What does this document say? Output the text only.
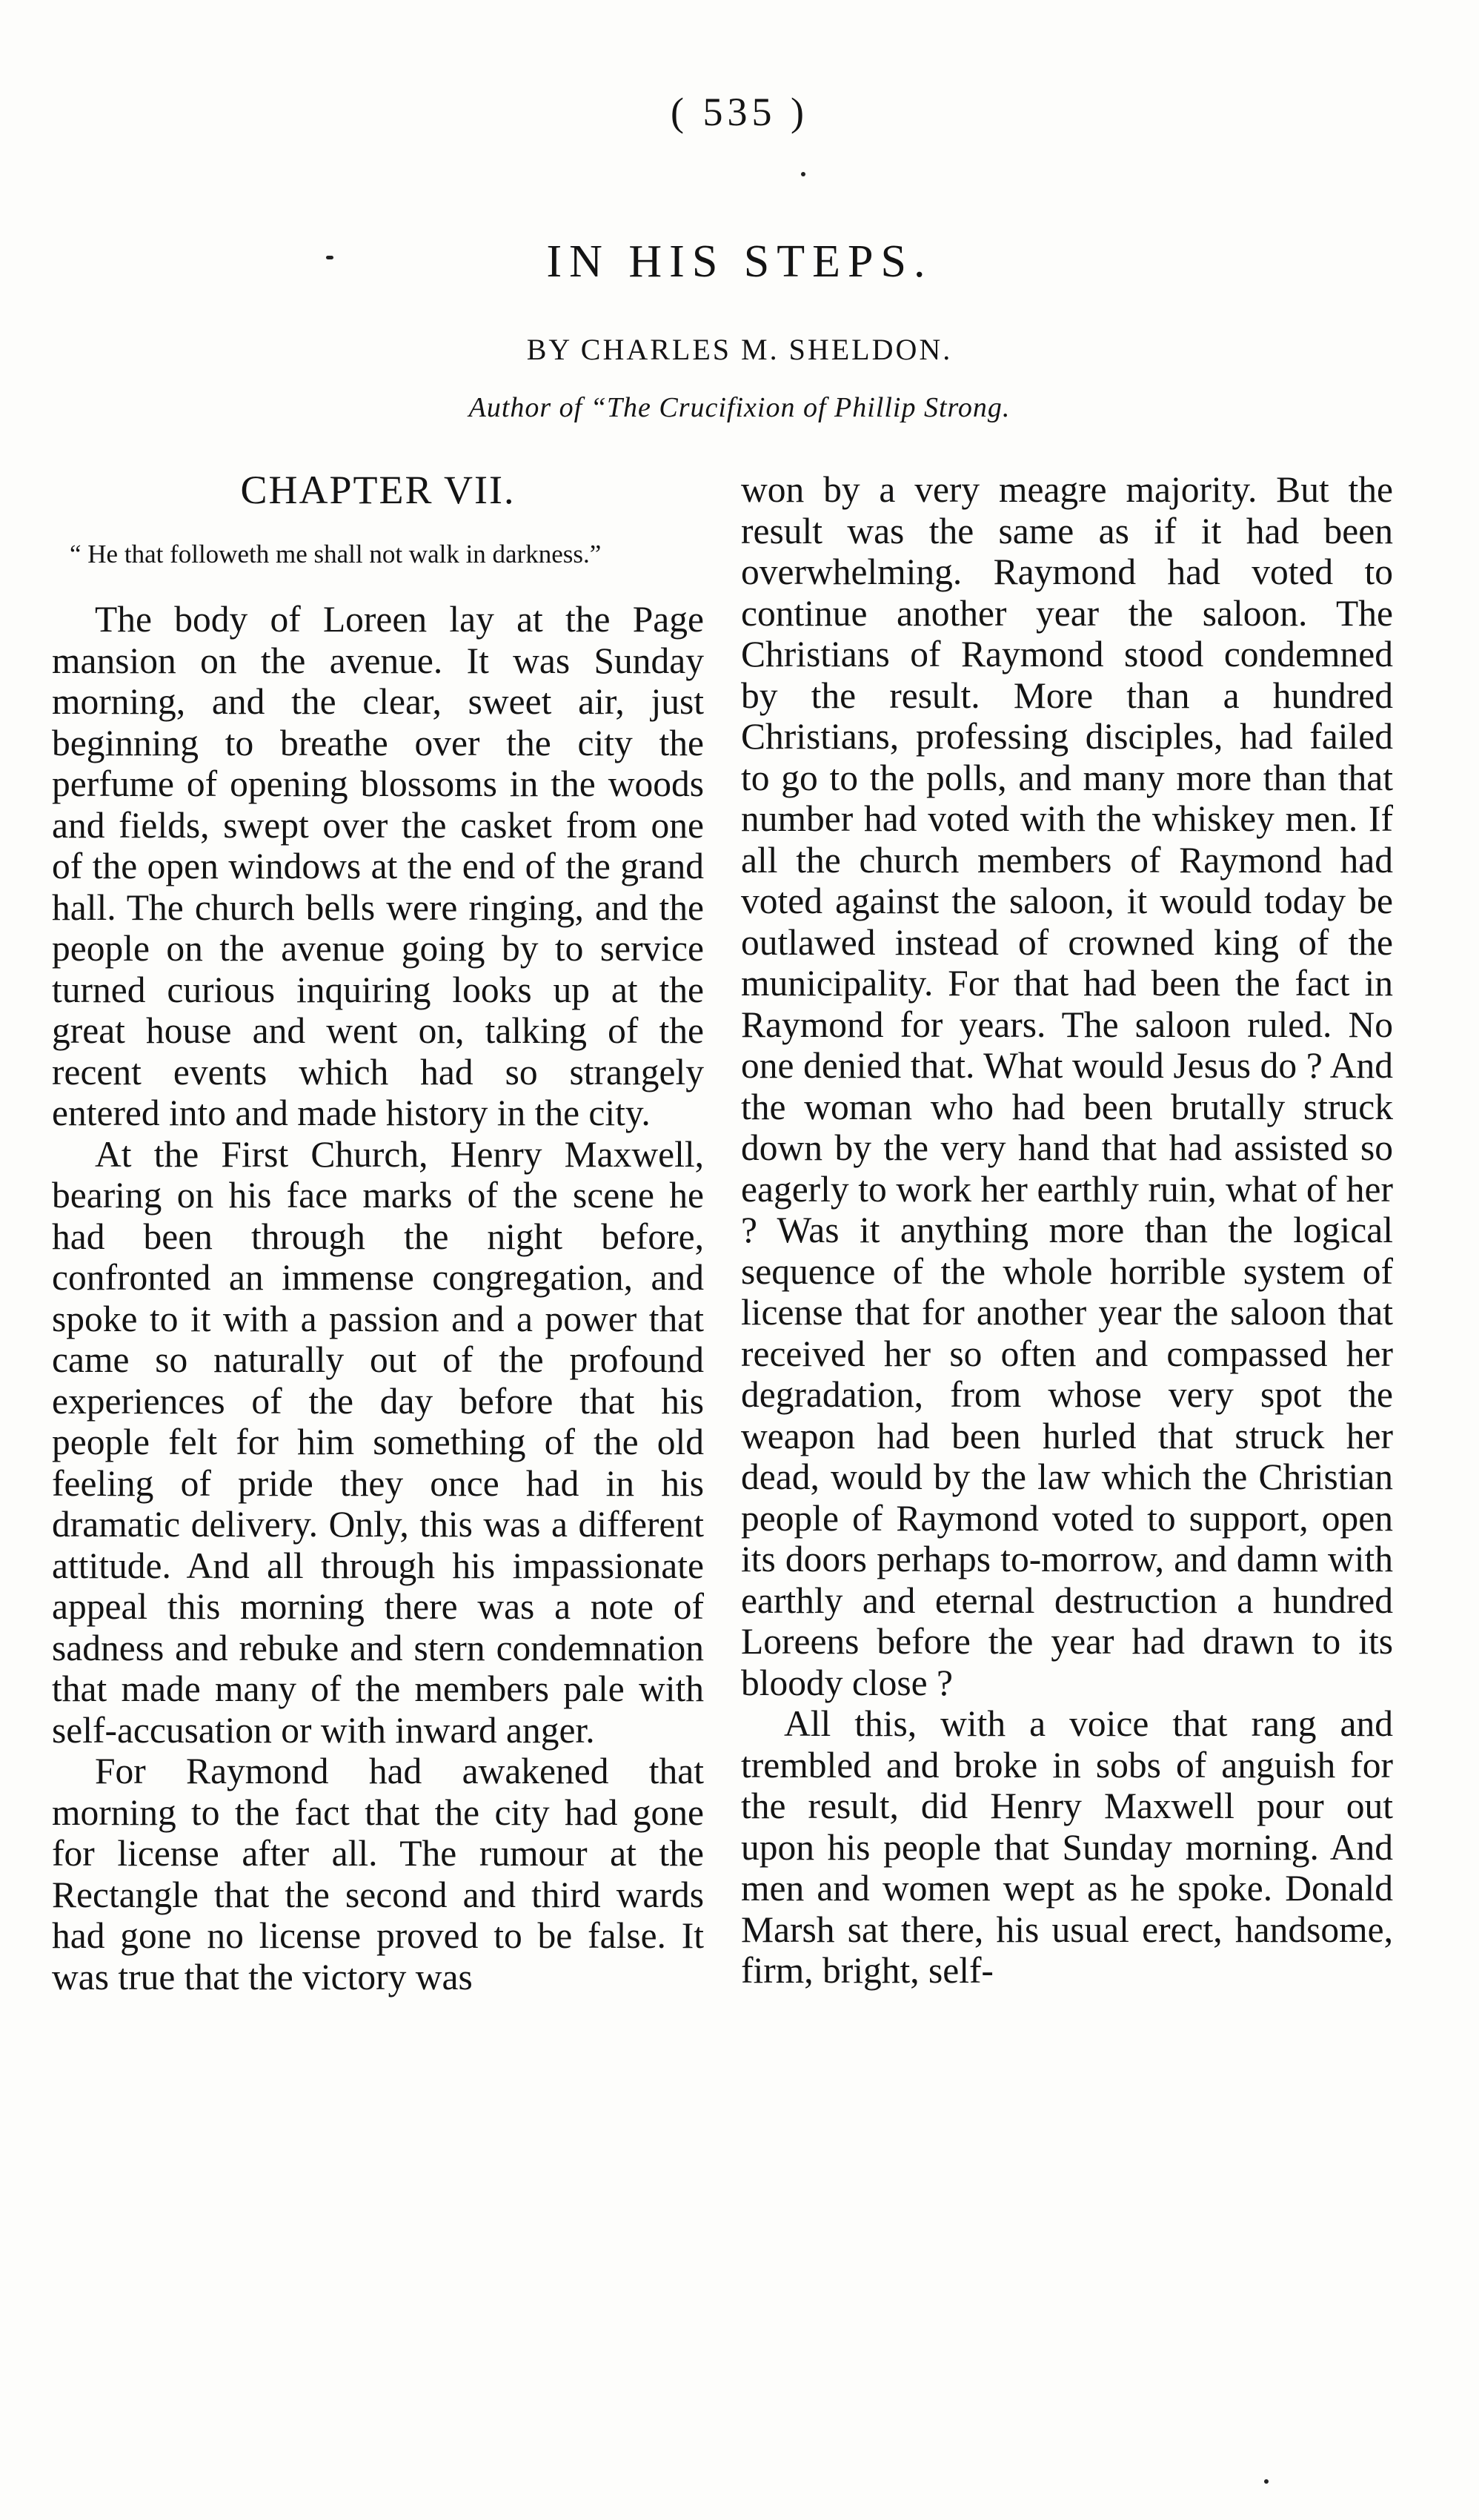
( 535 )
IN HIS STEPS.
BY CHARLES M. SHELDON.
Author of “The Crucifixion of Phillip Strong.
CHAPTER VII.
“ He that followeth me shall not walk in darkness.”

The body of Loreen lay at the Page mansion on the avenue. It was Sunday morning, and the clear, sweet air, just beginning to breathe over the city the perfume of opening blossoms in the woods and fields, swept over the casket from one of the open windows at the end of the grand hall. The church bells were ringing, and the people on the avenue going by to service turned curious inquiring looks up at the great house and went on, talking of the recent events which had so strangely entered into and made history in the city.

At the First Church, Henry Maxwell, bearing on his face marks of the scene he had been through the night before, confronted an immense congregation, and spoke to it with a passion and a power that came so naturally out of the profound experiences of the day before that his people felt for him something of the old feeling of pride they once had in his dramatic delivery. Only, this was a different attitude. And all through his impassionate appeal this morning there was a note of sadness and rebuke and stern condemnation that made many of the members pale with self-accusation or with inward anger.

For Raymond had awakened that morning to the fact that the city had gone for license after all. The rumour at the Rectangle that the second and third wards had gone no license proved to be false. It was true that the victory was

won by a very meagre majority. But the result was the same as if it had been overwhelming. Raymond had voted to continue another year the saloon. The Christians of Raymond stood condemned by the result. More than a hundred Christians, professing disciples, had failed to go to the polls, and many more than that number had voted with the whiskey men. If all the church members of Raymond had voted against the saloon, it would today be outlawed instead of crowned king of the municipality. For that had been the fact in Raymond for years. The saloon ruled. No one denied that. What would Jesus do ? And the woman who had been brutally struck down by the very hand that had assisted so eagerly to work her earthly ruin, what of her ? Was it anything more than the logical sequence of the whole horrible system of license that for another year the saloon that received her so often and compassed her degradation, from whose very spot the weapon had been hurled that struck her dead, would by the law which the Christian people of Raymond voted to support, open its doors perhaps to-morrow, and damn with earthly and eternal destruction a hundred Loreens before the year had drawn to its bloody close ?

All this, with a voice that rang and trembled and broke in sobs of anguish for the result, did Henry Maxwell pour out upon his people that Sunday morning. And men and women wept as he spoke. Donald Marsh sat there, his usual erect, handsome, firm, bright, self-
